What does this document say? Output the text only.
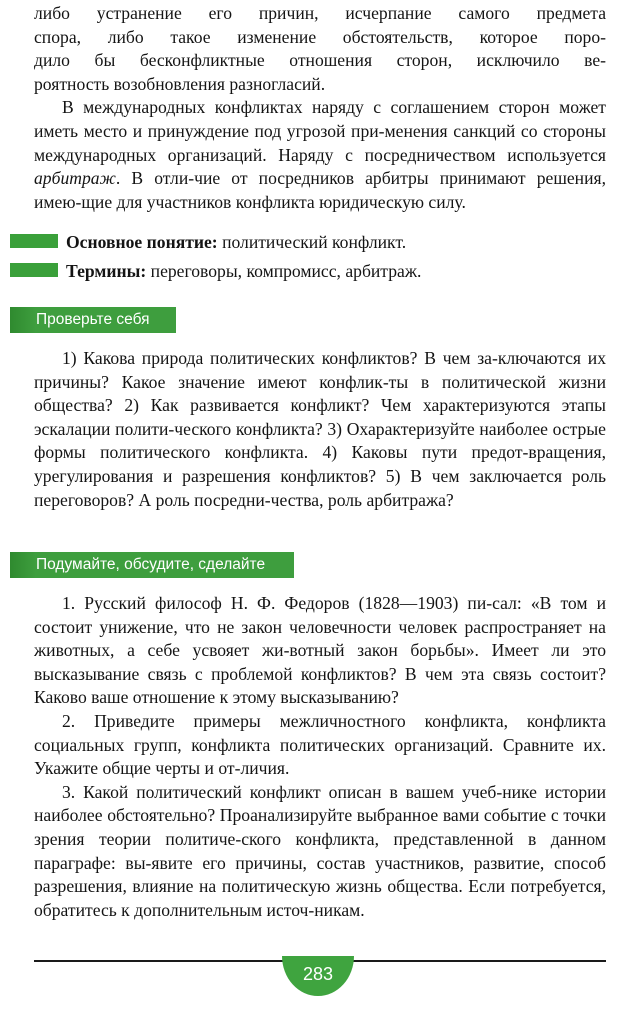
либо устранение его причин, исчерпание самого предмета
спора, либо такое изменение обстоятельств, которое поро-
дило бы бесконфликтные отношения сторон, исключило ве-
роятность возобновления разногласий.

В международных конфликтах наряду с соглашением сторон может иметь место и принуждение под угрозой при-менения санкций со стороны международных организаций. Наряду с посредничеством используется арбитраж. В отли-чие от посредников арбитры принимают решения, имею-щие для участников конфликта юридическую силу.

Основное понятие: политический конфликт.
Термины: переговоры, компромисс, арбитраж.
Проверьте себя

1) Какова природа политических конфликтов? В чем за-ключаются их причины? Какое значение имеют конфлик-ты в политической жизни общества? 2) Как развивается конфликт? Чем характеризуются этапы эскалации полити-ческого конфликта? 3) Охарактеризуйте наиболее острые формы политического конфликта. 4) Каковы пути предот-вращения, урегулирования и разрешения конфликтов? 5) В чем заключается роль переговоров? А роль посредни-чества, роль арбитража?

Подумайте, обсудите, сделайте

1. Русский философ Н. Ф. Федоров (1828—1903) пи-сал: «В том и состоит унижение, что не закон человечности человек распространяет на животных, а себе усвояет жи-вотный закон борьбы». Имеет ли это высказывание связь с проблемой конфликтов? В чем эта связь состоит? Каково ваше отношение к этому высказыванию?

2. Приведите примеры межличностного конфликта, конфликта социальных групп, конфликта политических организаций. Сравните их. Укажите общие черты и от-личия.

3. Какой политический конфликт описан в вашем учеб-нике истории наиболее обстоятельно? Проанализируйте выбранное вами событие с точки зрения теории политиче-ского конфликта, представленной в данном параграфе: вы-явите его причины, состав участников, развитие, способ разрешения, влияние на политическую жизнь общества. Если потребуется, обратитесь к дополнительным источ-никам.

283
